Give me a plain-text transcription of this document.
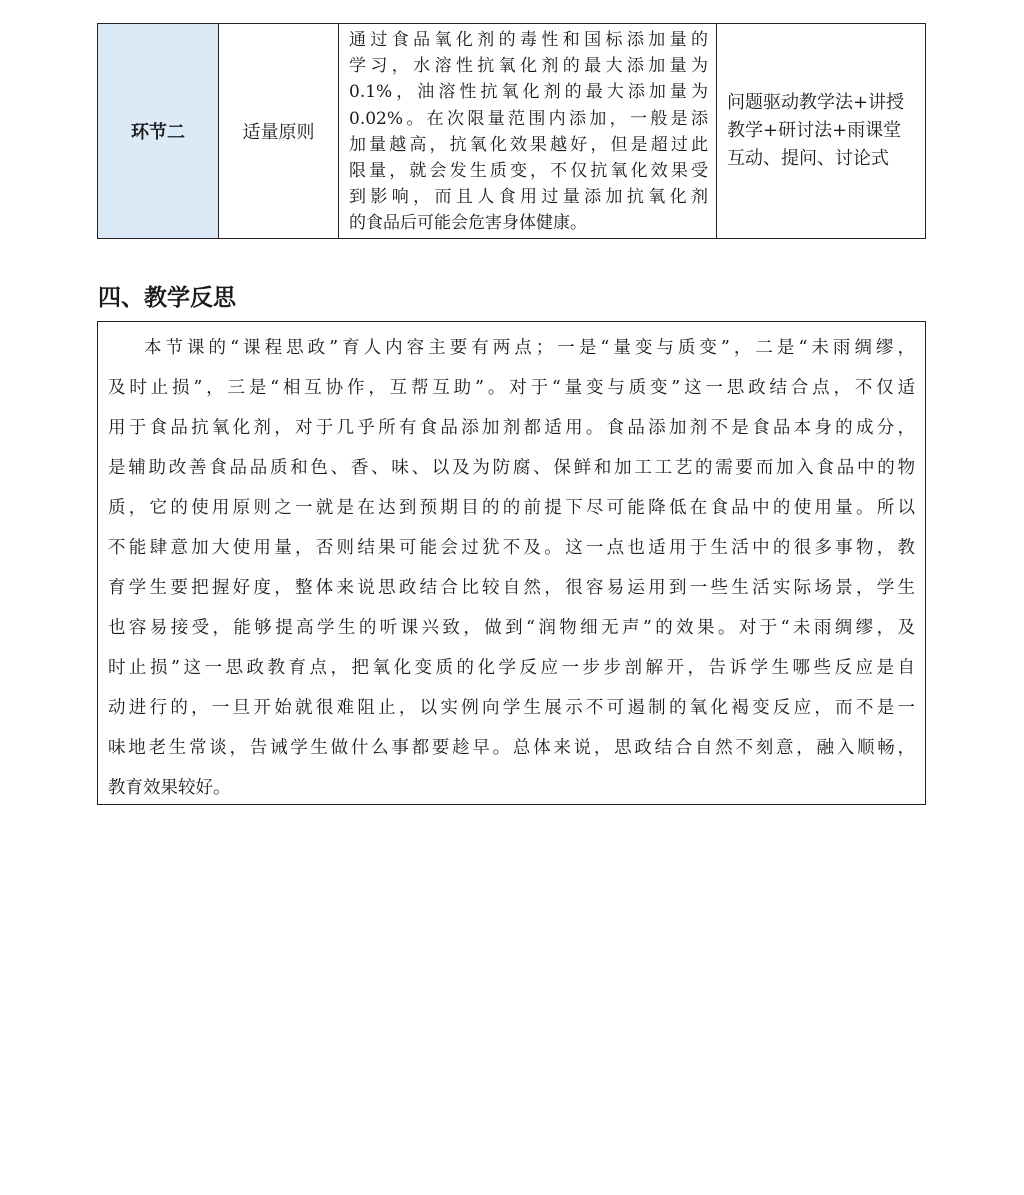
环节二	适量原则
通过食品氧化剂的毒性和国标添加量的
学习，水溶性抗氧化剂的最大添加量为
0.1%，油溶性抗氧化剂的最大添加量为
0.02%。在次限量范围内添加，一般是添
加量越高，抗氧化效果越好，但是超过此
限量，就会发生质变，不仅抗氧化效果受
到影响，而且人食用过量添加抗氧化剂
的食品后可能会危害身体健康。
问题驱动教学法+讲授教学+研讨法+雨课堂互动、提问、讨论式
四、教学反思
本节课的“课程思政”育人内容主要有两点；一是“量变与质变”，二是“未雨绸缪，
及时止损”，三是“相互协作，互帮互助”。对于“量变与质变”这一思政结合点，不仅适
用于食品抗氧化剂，对于几乎所有食品添加剂都适用。食品添加剂不是食品本身的成分，
是辅助改善食品品质和色、香、味、以及为防腐、保鲜和加工工艺的需要而加入食品中的物
质，它的使用原则之一就是在达到预期目的的前提下尽可能降低在食品中的使用量。所以
不能肆意加大使用量，否则结果可能会过犹不及。这一点也适用于生活中的很多事物，教
育学生要把握好度，整体来说思政结合比较自然，很容易运用到一些生活实际场景，学生
也容易接受，能够提高学生的听课兴致，做到“润物细无声”的效果。对于“未雨绸缪，及
时止损”这一思政教育点，把氧化变质的化学反应一步步剖解开，告诉学生哪些反应是自
动进行的，一旦开始就很难阻止，以实例向学生展示不可遏制的氧化褐变反应，而不是一
味地老生常谈，告诫学生做什么事都要趁早。总体来说，思政结合自然不刻意，融入顺畅，
教育效果较好。
